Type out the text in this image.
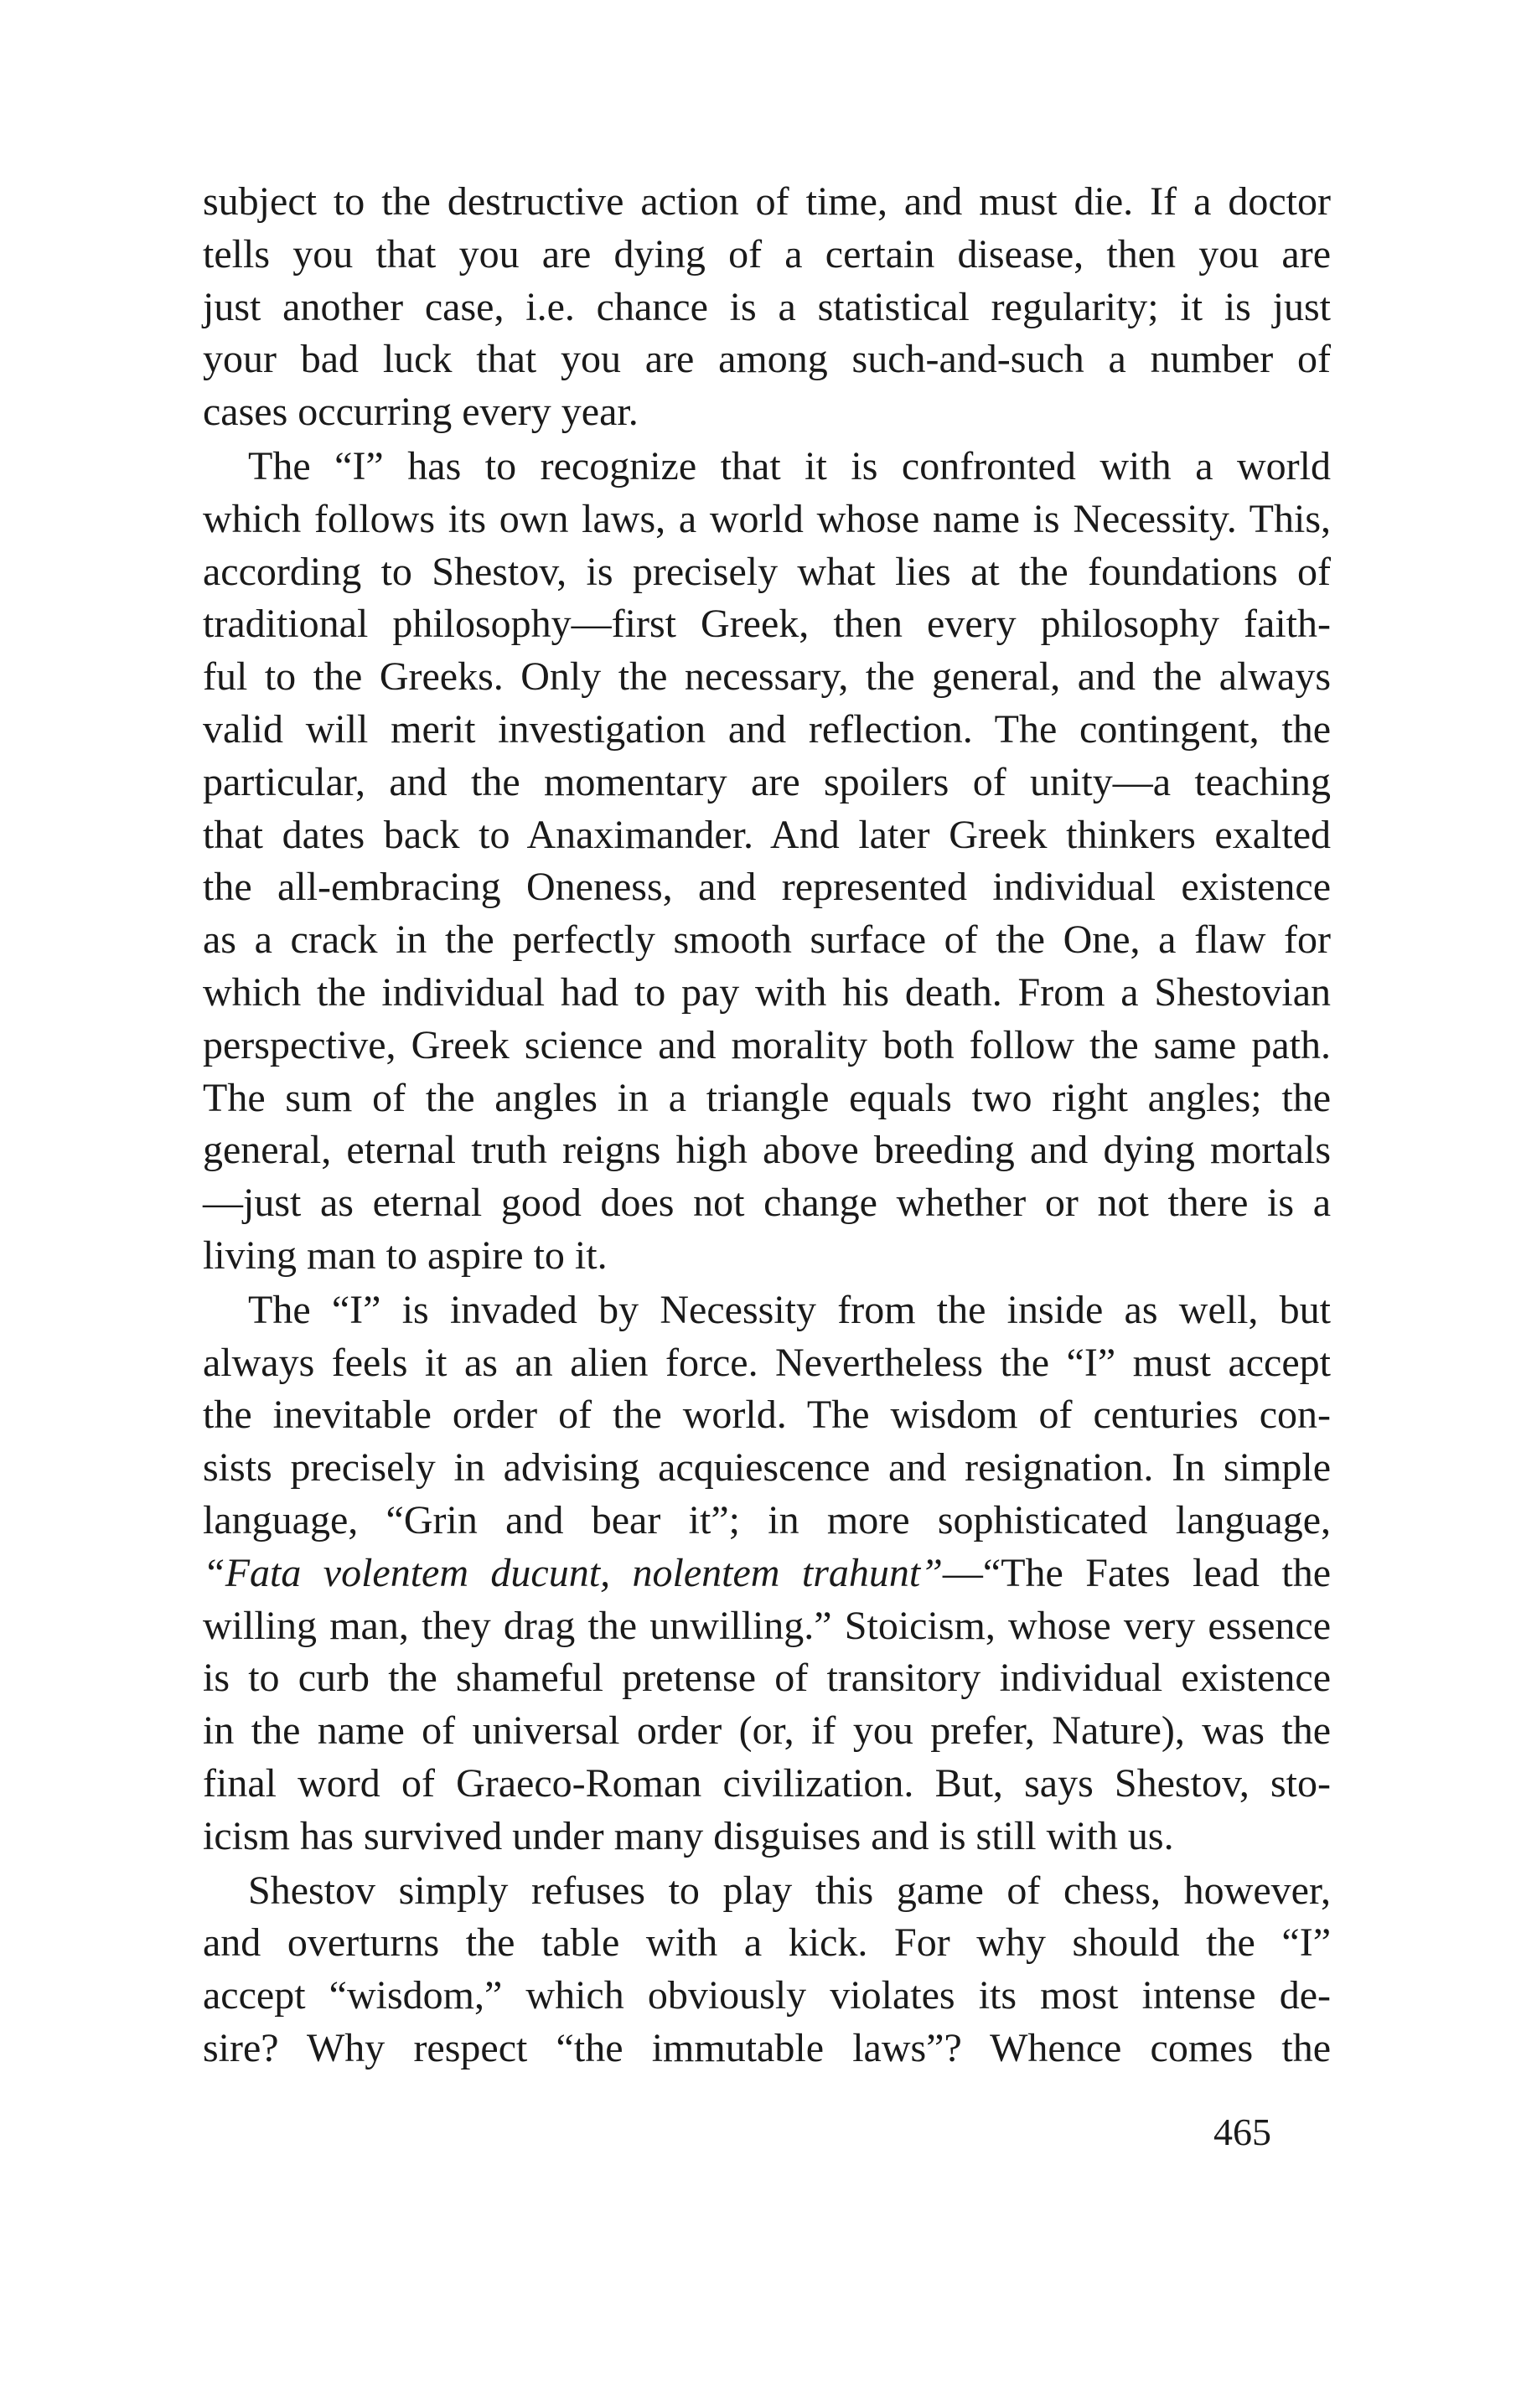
subject to the destructive action of time, and must die. If a doctor
tells you that you are dying of a certain disease, then you are
just another case, i.e. chance is a statistical regularity; it is just
your bad luck that you are among such-and-such a number of
cases occurring every year.
The “I” has to recognize that it is confronted with a world
which follows its own laws, a world whose name is Necessity. This,
according to Shestov, is precisely what lies at the foundations of
traditional philosophy—first Greek, then every philosophy faith-
ful to the Greeks. Only the necessary, the general, and the always
valid will merit investigation and reflection. The contingent, the
particular, and the momentary are spoilers of unity—a teaching
that dates back to Anaximander. And later Greek thinkers exalted
the all-embracing Oneness, and represented individual existence
as a crack in the perfectly smooth surface of the One, a flaw for
which the individual had to pay with his death. From a Shestovian
perspective, Greek science and morality both follow the same path.
The sum of the angles in a triangle equals two right angles; the
general, eternal truth reigns high above breeding and dying mortals
—just as eternal good does not change whether or not there is a
living man to aspire to it.
The “I” is invaded by Necessity from the inside as well, but
always feels it as an alien force. Nevertheless the “I” must accept
the inevitable order of the world. The wisdom of centuries con-
sists precisely in advising acquiescence and resignation. In simple
language, “Grin and bear it”; in more sophisticated language,
“Fata volentem ducunt, nolentem trahunt”—“The Fates lead the
willing man, they drag the unwilling.” Stoicism, whose very essence
is to curb the shameful pretense of transitory individual existence
in the name of universal order (or, if you prefer, Nature), was the
final word of Graeco-Roman civilization. But, says Shestov, sto-
icism has survived under many disguises and is still with us.
Shestov simply refuses to play this game of chess, however,
and overturns the table with a kick. For why should the “I”
accept “wisdom,” which obviously violates its most intense de-
sire? Why respect “the immutable laws”? Whence comes the
465
